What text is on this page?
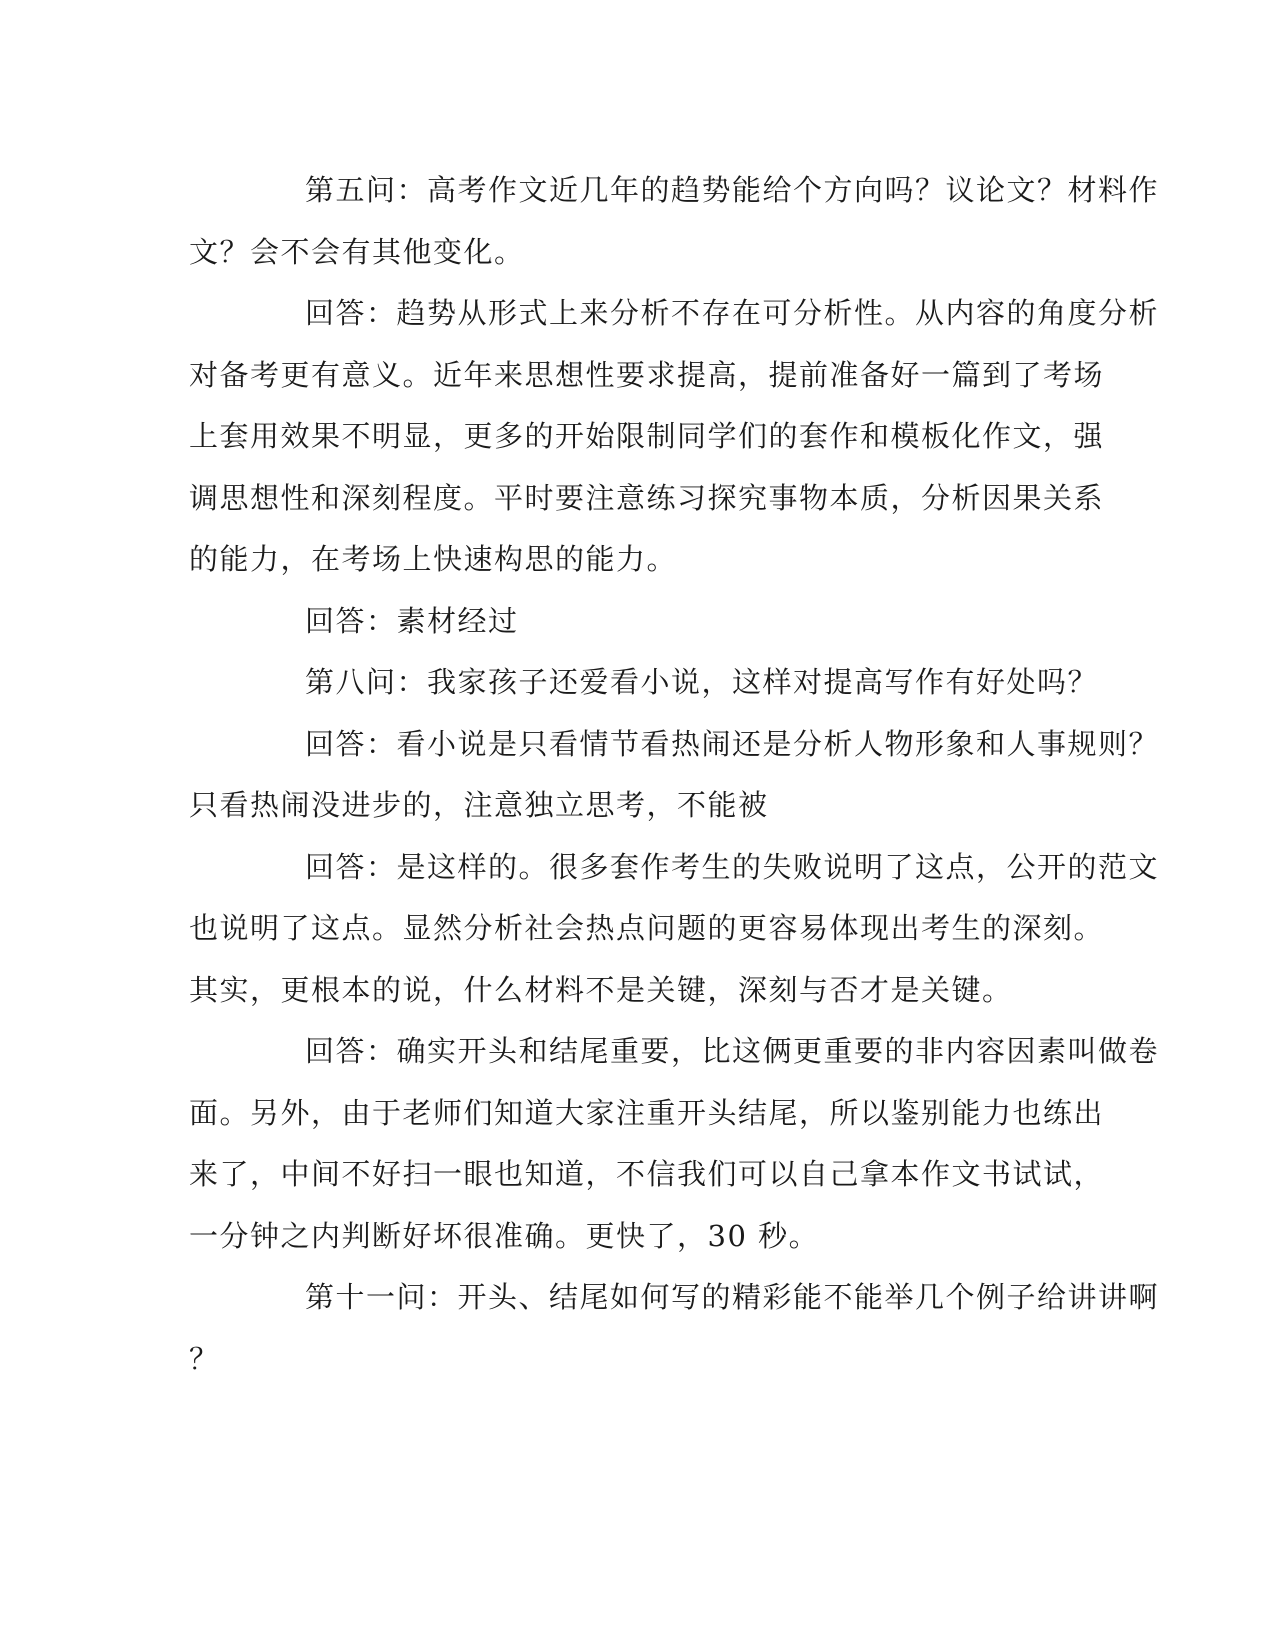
第五问：高考作文近几年的趋势能给个方向吗？议论文？材料作
文？会不会有其他变化。

回答：趋势从形式上来分析不存在可分析性。从内容的角度分析
对备考更有意义。近年来思想性要求提高，提前准备好一篇到了考场
上套用效果不明显，更多的开始限制同学们的套作和模板化作文，强
调思想性和深刻程度。平时要注意练习探究事物本质，分析因果关系
的能力，在考场上快速构思的能力。

回答：素材经过

第八问：我家孩子还爱看小说，这样对提高写作有好处吗？

回答：看小说是只看情节看热闹还是分析人物形象和人事规则？
只看热闹没进步的，注意独立思考，不能被

回答：是这样的。很多套作考生的失败说明了这点，公开的范文
也说明了这点。显然分析社会热点问题的更容易体现出考生的深刻。
其实，更根本的说，什么材料不是关键，深刻与否才是关键。

回答：确实开头和结尾重要，比这俩更重要的非内容因素叫做卷
面。另外，由于老师们知道大家注重开头结尾，所以鉴别能力也练出
来了，中间不好扫一眼也知道，不信我们可以自己拿本作文书试试，
一分钟之内判断好坏很准确。更快了，30 秒。

第十一问：开头、结尾如何写的精彩能不能举几个例子给讲讲啊
？
